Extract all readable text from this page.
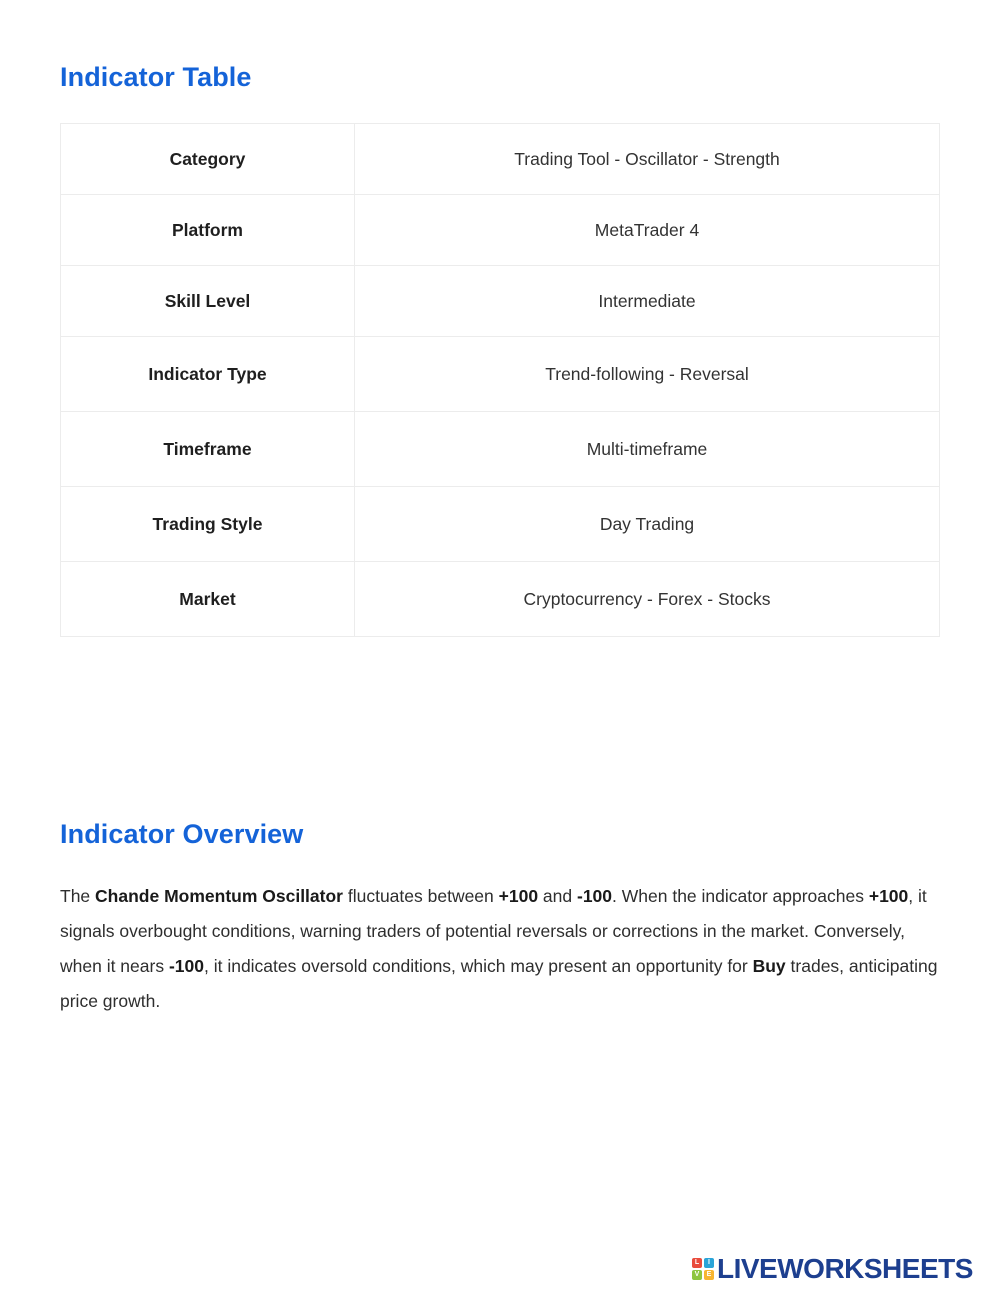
Indicator Table
Category	Trading Tool - Oscillator - Strength
Platform	MetaTrader 4
Skill Level	Intermediate
Indicator Type	Trend-following - Reversal
Timeframe	Multi-timeframe
Trading Style	Day Trading
Market	Cryptocurrency - Forex - Stocks
Indicator Overview

The Chande Momentum Oscillator fluctuates between +100 and -100. When the indicator approaches +100, it signals overbought conditions, warning traders of potential reversals or corrections in the market. Conversely, when it nears -100, it indicates oversold conditions, which may present an opportunity for Buy trades, anticipating price growth.

L	I
V	E LIVEWORKSHEETS
